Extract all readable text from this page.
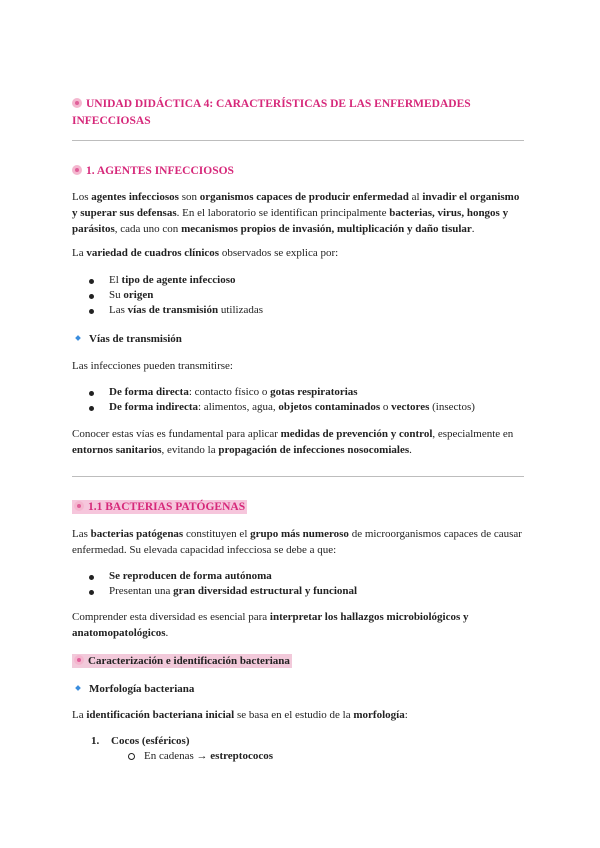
UNIDAD DIDÁCTICA 4: CARACTERÍSTICAS DE LAS ENFERMEDADES
INFECCIOSAS
1. AGENTES INFECCIOSOS
Los agentes infecciosos son organismos capaces de producir enfermedad al invadir el organismo
y superar sus defensas. En el laboratorio se identifican principalmente bacterias, virus, hongos y
parásitos, cada uno con mecanismos propios de invasión, multiplicación y daño tisular.
La variedad de cuadros clínicos observados se explica por:
El tipo de agente infeccioso
Su origen
Las vías de transmisión utilizadas
Vías de transmisión
Las infecciones pueden transmitirse:
De forma directa: contacto físico o gotas respiratorias
De forma indirecta: alimentos, agua, objetos contaminados o vectores (insectos)
Conocer estas vías es fundamental para aplicar medidas de prevención y control, especialmente en
entornos sanitarios, evitando la propagación de infecciones nosocomiales.
1.1 BACTERIAS PATÓGENAS
Las bacterias patógenas constituyen el grupo más numeroso de microorganismos capaces de causar
enfermedad. Su elevada capacidad infecciosa se debe a que:
Se reproducen de forma autónoma
Presentan una gran diversidad estructural y funcional
Comprender esta diversidad es esencial para interpretar los hallazgos microbiológicos y
anatomopatológicos.
Caracterización e identificación bacteriana
Morfología bacteriana
La identificación bacteriana inicial se basa en el estudio de la morfología:
1. Cocos (esféricos)
En cadenas → estreptococos
